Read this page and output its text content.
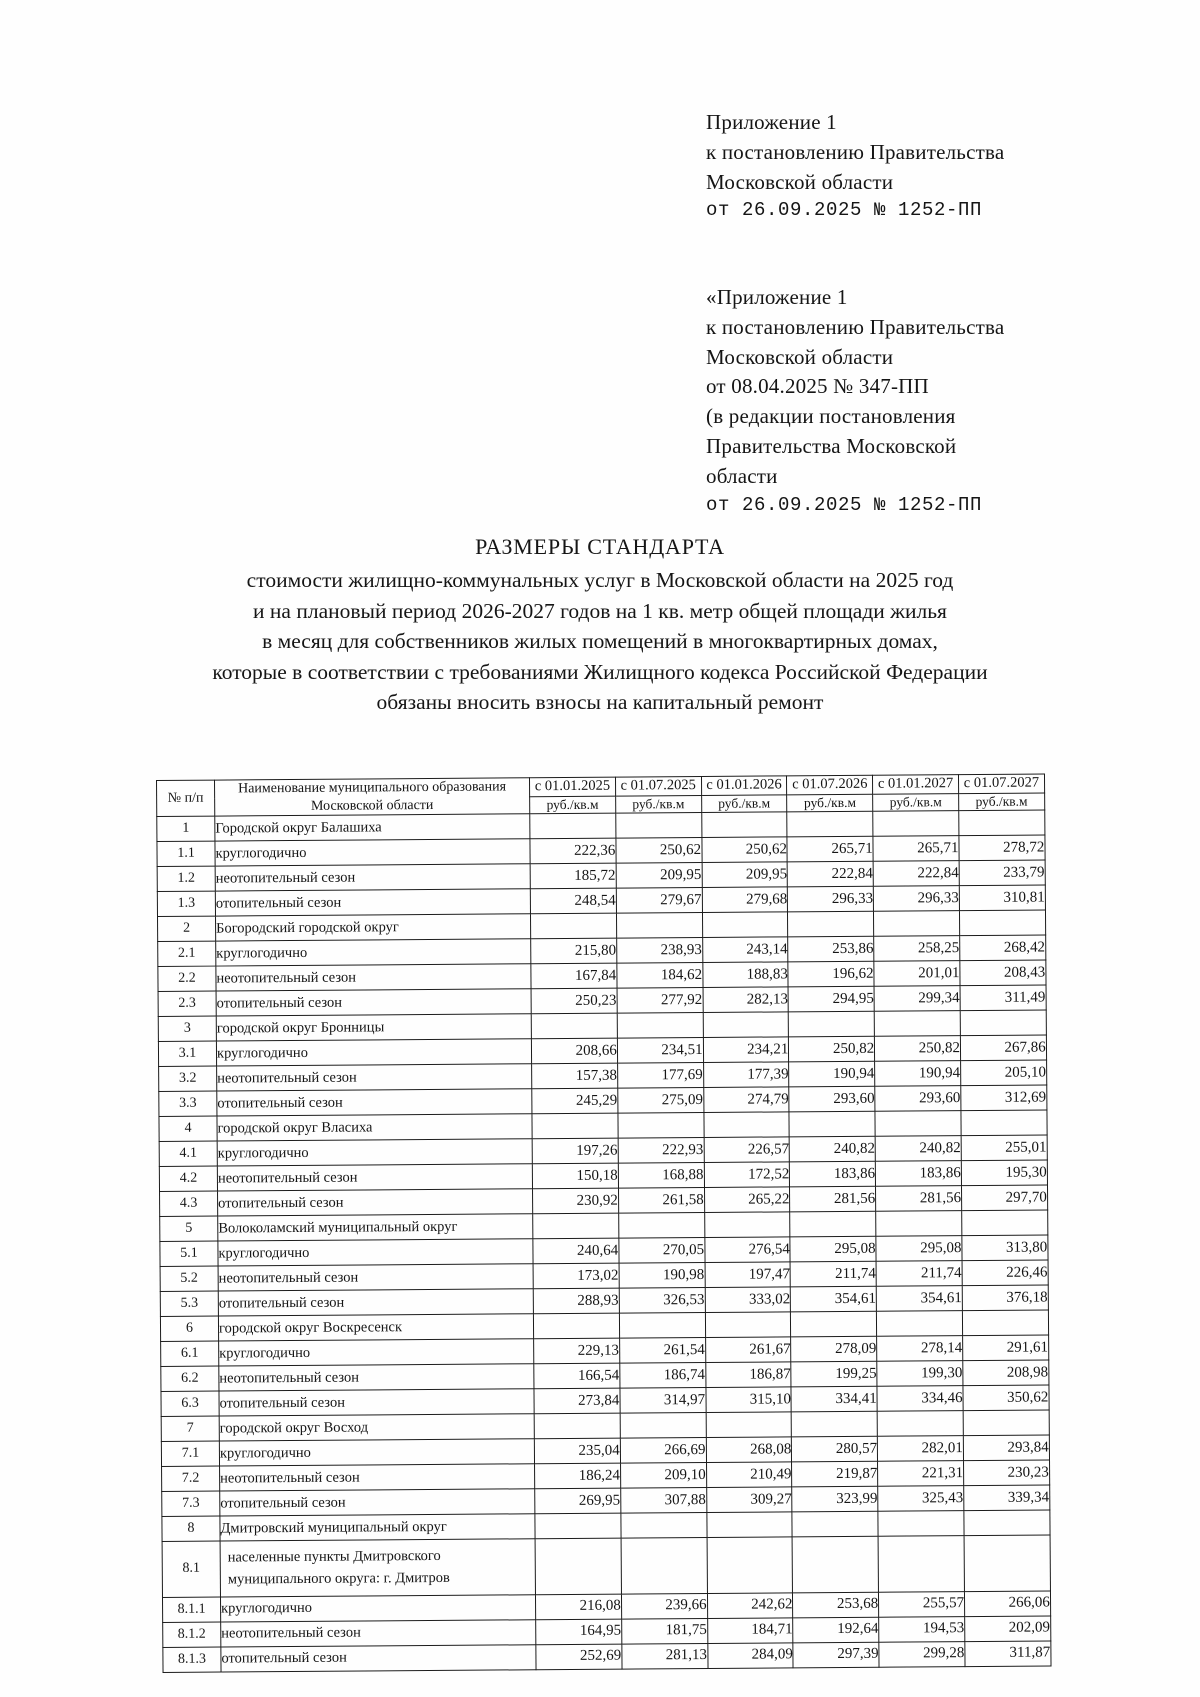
Приложение 1
к постановлению Правительства
Московской области
от 26.09.2025 № 1252-ПП
«Приложение 1
к постановлению Правительства
Московской области
от 08.04.2025 № 347-ПП
(в редакции постановления
Правительства Московской
области
от 26.09.2025 № 1252-ПП
РАЗМЕРЫ СТАНДАРТА
стоимости жилищно-коммунальных услуг в Московской области на 2025 год
и на плановый период 2026-2027 годов на 1 кв. метр общей площади жилья
в месяц для собственников жилых помещений в многоквартирных домах,
которые в соответствии с требованиями Жилищного кодекса Российской Федерации
обязаны вносить взносы на капитальный ремонт
№ п/п	Наименование муниципального образования
Московской области	с 01.01.2025	с 01.07.2025	с 01.01.2026	с 01.07.2026	с 01.01.2027	с 01.07.2027
		руб./кв.м	руб./кв.м	руб./кв.м	руб./кв.м	руб./кв.м	руб./кв.м
1	Городской округ Балашиха						
1.1	круглогодично	222,36	250,62	250,62	265,71	265,71	278,72
1.2	неотопительный сезон	185,72	209,95	209,95	222,84	222,84	233,79
1.3	отопительный сезон	248,54	279,67	279,68	296,33	296,33	310,81
2	Богородский городской округ						
2.1	круглогодично	215,80	238,93	243,14	253,86	258,25	268,42
2.2	неотопительный сезон	167,84	184,62	188,83	196,62	201,01	208,43
2.3	отопительный сезон	250,23	277,92	282,13	294,95	299,34	311,49
3	городской округ Бронницы						
3.1	круглогодично	208,66	234,51	234,21	250,82	250,82	267,86
3.2	неотопительный сезон	157,38	177,69	177,39	190,94	190,94	205,10
3.3	отопительный сезон	245,29	275,09	274,79	293,60	293,60	312,69
4	городской округ Власиха						
4.1	круглогодично	197,26	222,93	226,57	240,82	240,82	255,01
4.2	неотопительный сезон	150,18	168,88	172,52	183,86	183,86	195,30
4.3	отопительный сезон	230,92	261,58	265,22	281,56	281,56	297,70
5	Волоколамский муниципальный округ						
5.1	круглогодично	240,64	270,05	276,54	295,08	295,08	313,80
5.2	неотопительный сезон	173,02	190,98	197,47	211,74	211,74	226,46
5.3	отопительный сезон	288,93	326,53	333,02	354,61	354,61	376,18
6	городской округ Воскресенск						
6.1	круглогодично	229,13	261,54	261,67	278,09	278,14	291,61
6.2	неотопительный сезон	166,54	186,74	186,87	199,25	199,30	208,98
6.3	отопительный сезон	273,84	314,97	315,10	334,41	334,46	350,62
7	городской округ Восход						
7.1	круглогодично	235,04	266,69	268,08	280,57	282,01	293,84
7.2	неотопительный сезон	186,24	209,10	210,49	219,87	221,31	230,23
7.3	отопительный сезон	269,95	307,88	309,27	323,99	325,43	339,34
8	Дмитровский муниципальный округ						
8.1	населенные пункты Дмитровского муниципального округа: г. Дмитров						
8.1.1	круглогодично	216,08	239,66	242,62	253,68	255,57	266,06
8.1.2	неотопительный сезон	164,95	181,75	184,71	192,64	194,53	202,09
8.1.3	отопительный сезон	252,69	281,13	284,09	297,39	299,28	311,87
